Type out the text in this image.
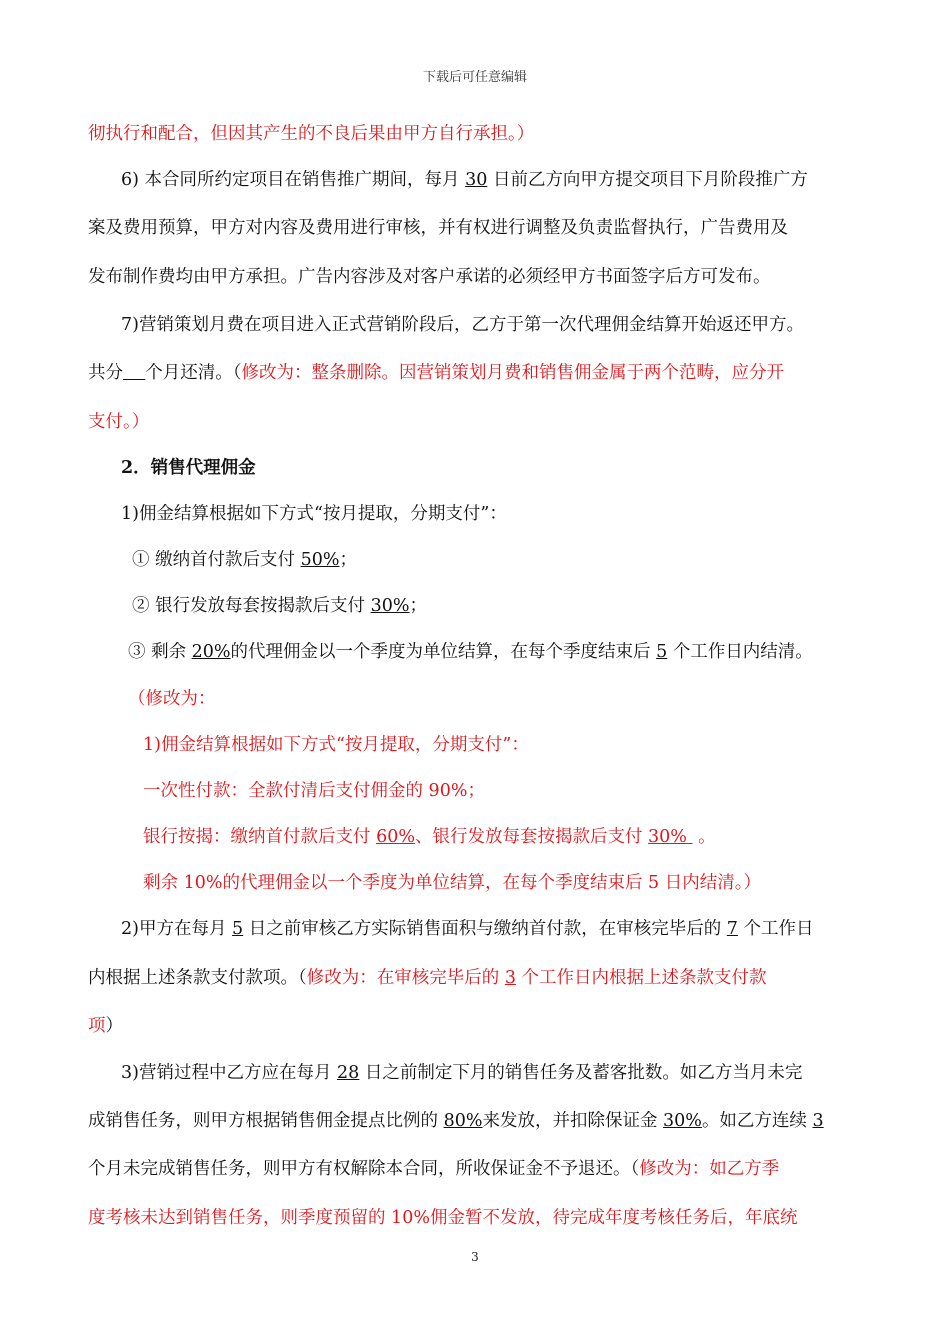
下载后可任意编辑
彻执行和配合，但因其产生的不良后果由甲方自行承担。）
6) 本合同所约定项目在销售推广期间，每月 30 日前乙方向甲方提交项目下月阶段推广方
案及费用预算，甲方对内容及费用进行审核，并有权进行调整及负责监督执行，广告费用及
发布制作费均由甲方承担。广告内容涉及对客户承诺的必须经甲方书面签字后方可发布。
7)营销策划月费在项目进入正式营销阶段后，乙方于第一次代理佣金结算开始返还甲方。
共分 个月还清。（修改为：整条删除。因营销策划月费和销售佣金属于两个范畴，应分开
支付。）
2．销售代理佣金
1)佣金结算根据如下方式“按月提取，分期支付”：
① 缴纳首付款后支付 50%；
② 银行发放每套按揭款后支付 30%；
③ 剩余 20%的代理佣金以一个季度为单位结算，在每个季度结束后 5 个工作日内结清。
（修改为：
1)佣金结算根据如下方式“按月提取，分期支付”：
一次性付款：全款付清后支付佣金的 90%；
银行按揭：缴纳首付款后支付 60%、银行发放每套按揭款后支付 30%  。
剩余 10%的代理佣金以一个季度为单位结算，在每个季度结束后 5 日内结清。）
2)甲方在每月 5 日之前审核乙方实际销售面积与缴纳首付款，在审核完毕后的 7 个工作日
内根据上述条款支付款项。（修改为：在审核完毕后的 3 个工作日内根据上述条款支付款
项）
3)营销过程中乙方应在每月 28 日之前制定下月的销售任务及蓄客批数。如乙方当月未完
成销售任务，则甲方根据销售佣金提点比例的 80%来发放，并扣除保证金 30%。如乙方连续 3
个月未完成销售任务，则甲方有权解除本合同，所收保证金不予退还。（修改为：如乙方季
度考核未达到销售任务，则季度预留的 10%佣金暂不发放，待完成年度考核任务后，年底统
3
